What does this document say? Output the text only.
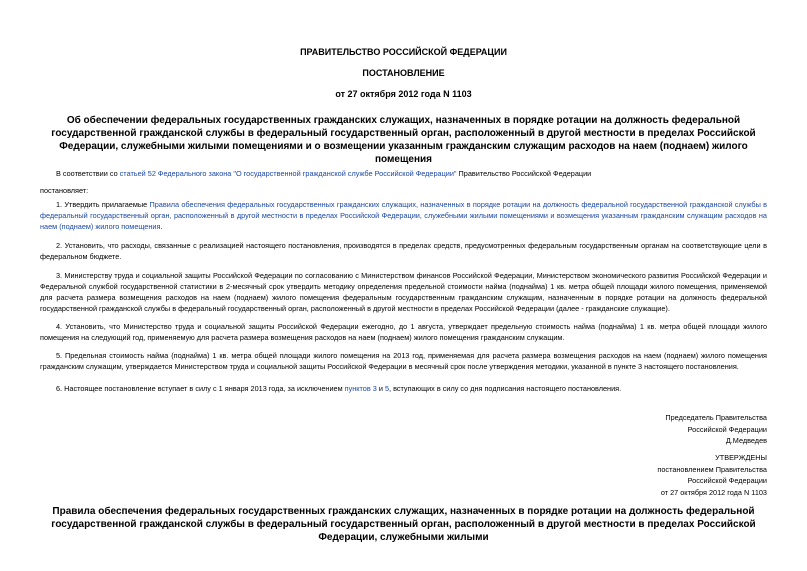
ПРАВИТЕЛЬСТВО РОССИЙСКОЙ ФЕДЕРАЦИИ

ПОСТАНОВЛЕНИЕ

от 27 октября 2012 года N 1103

Об обеспечении федеральных государственных гражданских служащих, назначенных в порядке ротации на должность федеральной государственной гражданской службы в федеральный государственный орган, расположенный в другой местности в пределах Российской Федерации, служебными жилыми помещениями и о возмещении указанным гражданским служащим расходов на наем (поднаем) жилого помещения

В соответствии со статьей 52 Федерального закона "О государственной гражданской службе Российской Федерации" Правительство Российской Федерации

постановляет:

1. Утвердить прилагаемые Правила обеспечения федеральных государственных гражданских служащих, назначенных в порядке ротации на должность федеральной государственной гражданской службы в федеральный государственный орган, расположенный в другой местности в пределах Российской Федерации, служебными жилыми помещениями и возмещения указанным гражданским служащим расходов на наем (поднаем) жилого помещения.

2. Установить, что расходы, связанные с реализацией настоящего постановления, производятся в пределах средств, предусмотренных федеральным государственным органам на соответствующие цели в федеральном бюджете.

3. Министерству труда и социальной защиты Российской Федерации по согласованию с Министерством финансов Российской Федерации, Министерством экономического развития Российской Федерации и Федеральной службой государственной статистики в 2-месячный срок утвердить методику определения предельной стоимости найма (поднайма) 1 кв. метра общей площади жилого помещения, применяемой для расчета размера возмещения расходов на наем (поднаем) жилого помещения федеральным государственным гражданским служащим, назначенным в порядке ротации на должность федеральной государственной гражданской службы в федеральный государственный орган, расположенный в другой местности в пределах Российской Федерации (далее - гражданские служащие).

4. Установить, что Министерство труда и социальной защиты Российской Федерации ежегодно, до 1 августа, утверждает предельную стоимость найма (поднайма) 1 кв. метра общей площади жилого помещения на следующий год, применяемую для расчета размера возмещения расходов на наем (поднаем) жилого помещения гражданским служащим.

5. Предельная стоимость найма (поднайма) 1 кв. метра общей площади жилого помещения на 2013 год, применяемая для расчета размера возмещения расходов на наем (поднаем) жилого помещения гражданским служащим, утверждается Министерством труда и социальной защиты Российской Федерации в месячный срок после утверждения методики, указанной в пункте 3 настоящего постановления.

6. Настоящее постановление вступает в силу с 1 января 2013 года, за исключением пунктов 3 и 5, вступающих в силу со дня подписания настоящего постановления.

Председатель Правительства
Российской Федерации
Д.Медведев
УТВЕРЖДЕНЫ
постановлением Правительства
Российской Федерации
от 27 октября 2012 года N 1103

Правила обеспечения федеральных государственных гражданских служащих, назначенных в порядке ротации на должность федеральной государственной гражданской службы в федеральный государственный орган, расположенный в другой местности в пределах Российской Федерации, служебными жилыми
